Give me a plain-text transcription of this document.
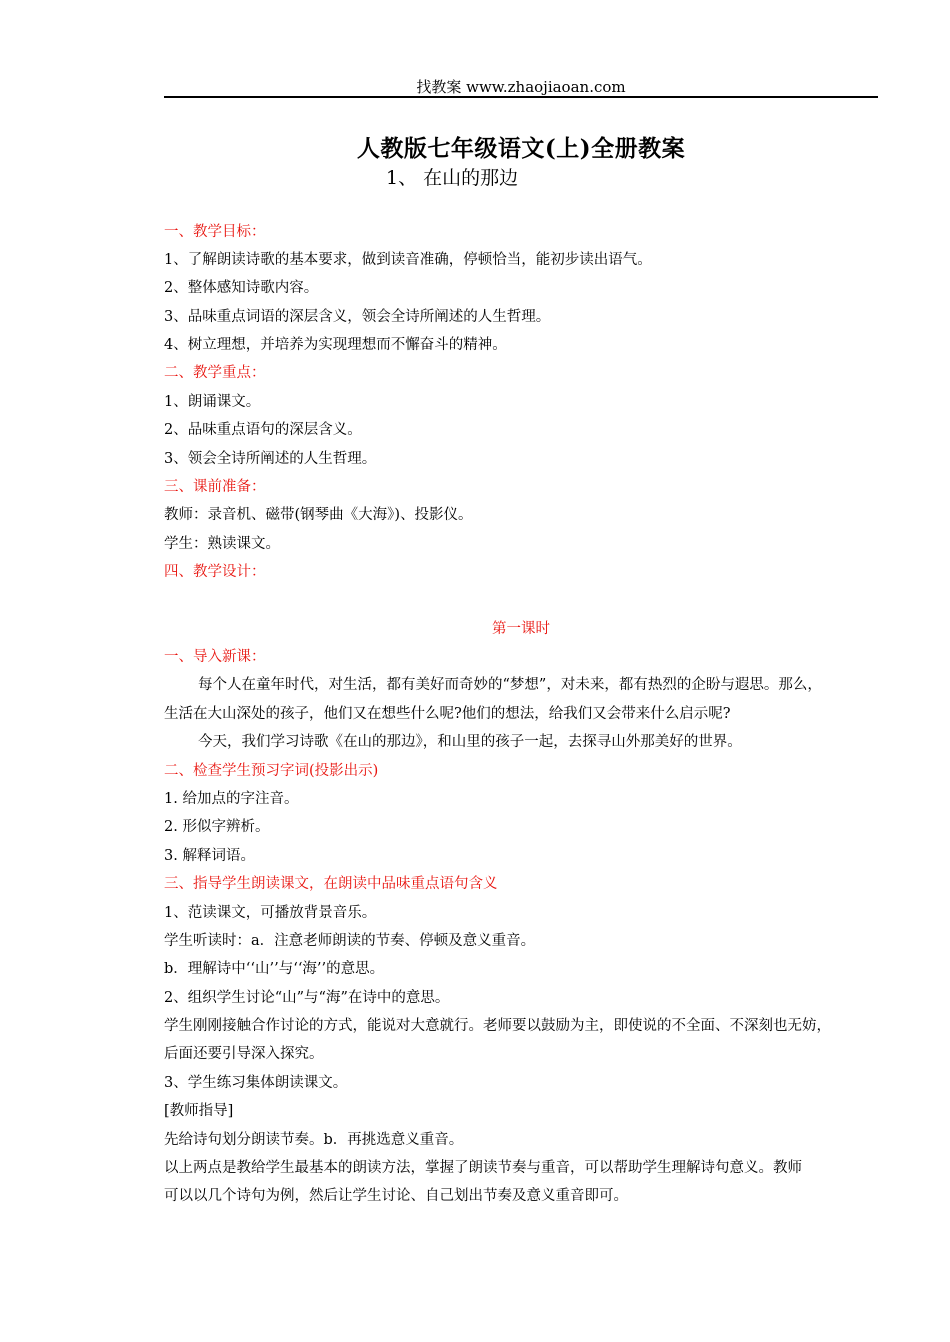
找教案 www.zhaojiaoan.com
人教版七年级语文(上)全册教案
1、 在山的那边
一、教学目标：
1、了解朗读诗歌的基本要求，做到读音准确，停顿恰当，能初步读出语气。
2、整体感知诗歌内容。
3、品味重点词语的深层含义，领会全诗所阐述的人生哲理。
4、树立理想，并培养为实现理想而不懈奋斗的精神。
二、教学重点：
1、朗诵课文。
2、品味重点语句的深层含义。
3、领会全诗所阐述的人生哲理。
三、课前准备：
教师：录音机、磁带(钢琴曲《大海》)、投影仪。
学生：熟读课文。
四、教学设计：
第一课时
一、导入新课：
每个人在童年时代，对生活，都有美好而奇妙的“梦想”，对未来，都有热烈的企盼与遐思。那么，
生活在大山深处的孩子，他们又在想些什么呢?他们的想法，给我们又会带来什么启示呢?
今天，我们学习诗歌《在山的那边》，和山里的孩子一起，去探寻山外那美好的世界。
二、检查学生预习字词(投影出示)
1. 给加点的字注音。
2. 形似字辨析。
3. 解释词语。
三、指导学生朗读课文，在朗读中品味重点语句含义
1、范读课文，可播放背景音乐。
学生听读时：a．注意老师朗读的节奏、停顿及意义重音。
b．理解诗中‘‘山’’与‘‘海’’的意思。
2、组织学生讨论“山”与“海”在诗中的意思。
学生刚刚接触合作讨论的方式，能说对大意就行。老师要以鼓励为主，即使说的不全面、不深刻也无妨，
后面还要引导深入探究。
3、学生练习集体朗读课文。
[教师指导]
先给诗句划分朗读节奏。b．再挑选意义重音。
以上两点是教给学生最基本的朗读方法，掌握了朗读节奏与重音，可以帮助学生理解诗句意义。教师
可以以几个诗句为例，然后让学生讨论、自己划出节奏及意义重音即可。
